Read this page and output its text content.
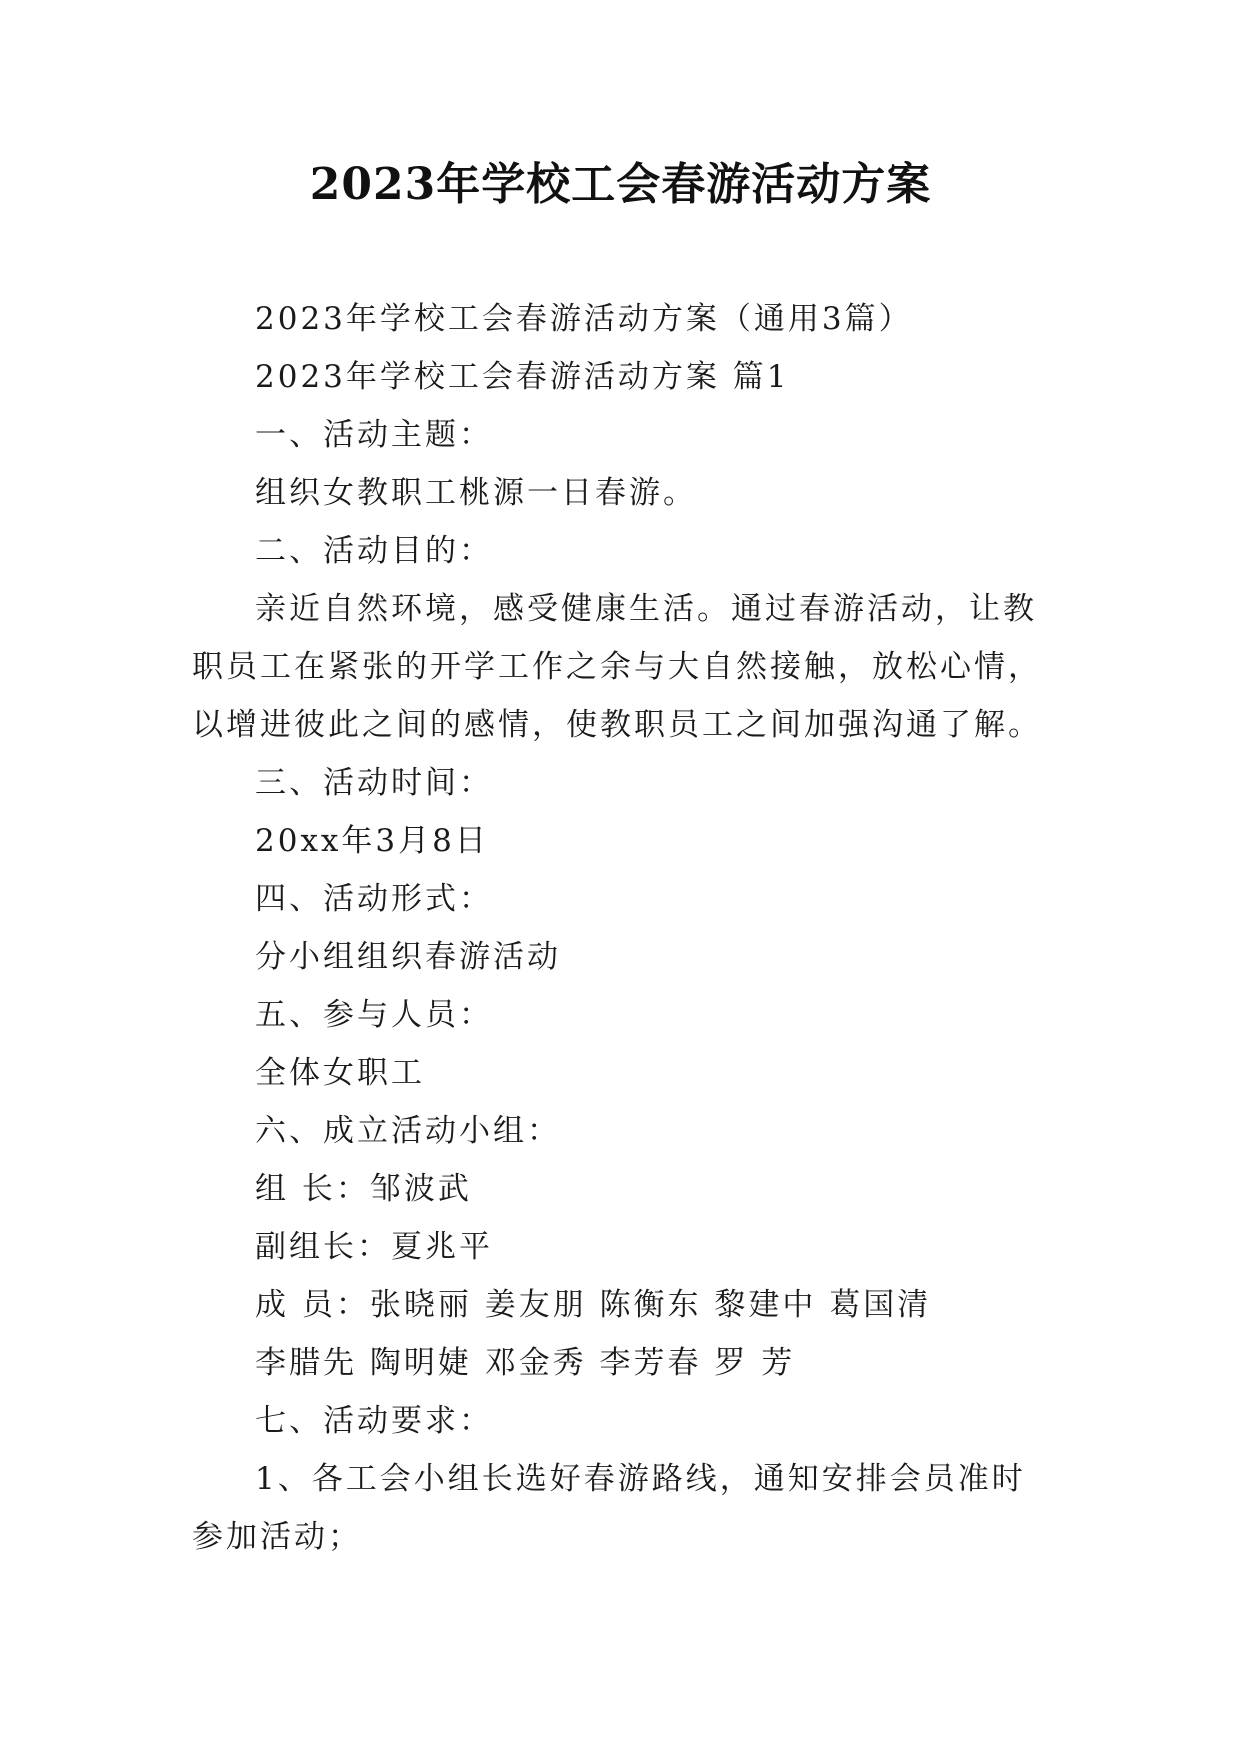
2023年学校工会春游活动方案

2023年学校工会春游活动方案（通用3篇）

2023年学校工会春游活动方案 篇1

一、活动主题：

组织女教职工桃源一日春游。

二、活动目的：

亲近自然环境，感受健康生活。通过春游活动，让教职员工在紧张的开学工作之余与大自然接触，放松心情，以增进彼此之间的感情，使教职员工之间加强沟通了解。

三、活动时间：

20xx年3月8日

四、活动形式：

分小组组织春游活动

五、参与人员：

全体女职工

六、成立活动小组：

组 长：邹波武

副组长：夏兆平

成 员：张晓丽 姜友朋 陈衡东 黎建中 葛国清

李腊先 陶明婕 邓金秀 李芳春 罗 芳

七、活动要求：

1、各工会小组长选好春游路线，通知安排会员准时参加活动；
